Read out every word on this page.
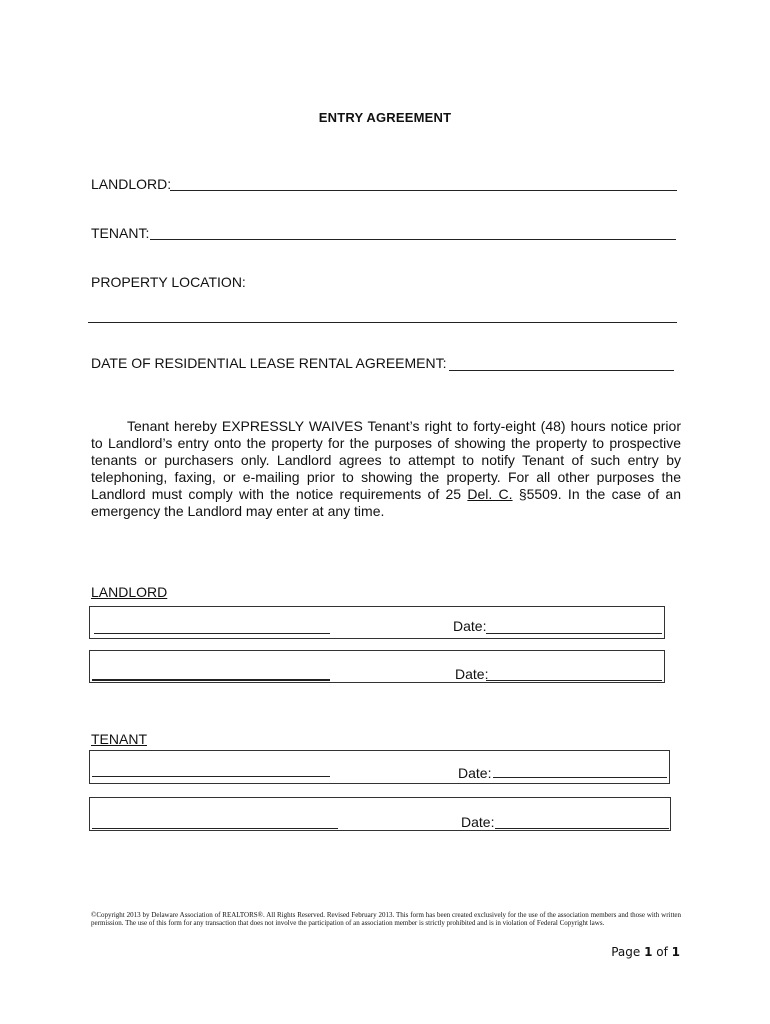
ENTRY AGREEMENT
LANDLORD:
TENANT:
PROPERTY LOCATION:
DATE OF RESIDENTIAL LEASE RENTAL AGREEMENT:

Tenant hereby EXPRESSLY WAIVES Tenant’s right to forty-eight (48) hours notice prior to Landlord’s entry onto the property for the purposes of showing the property to prospective tenants or purchasers only. Landlord agrees to attempt to notify Tenant of such entry by telephoning, faxing, or e-mailing prior to showing the property. For all other purposes the Landlord must comply with the notice requirements of 25 Del. C. §5509. In the case of an emergency the Landlord may enter at any time.

LANDLORD
Date:
Date:
TENANT
Date:
Date:
©Copyright 2013 by Delaware Association of REALTORS®. All Rights Reserved. Revised February 2013. This form has been created exclusively for the use of the association members and those with written permission. The use of this form for any transaction that does not involve the participation of an association member is strictly prohibited and is in violation of Federal Copyright laws.
Page 1 of 1
